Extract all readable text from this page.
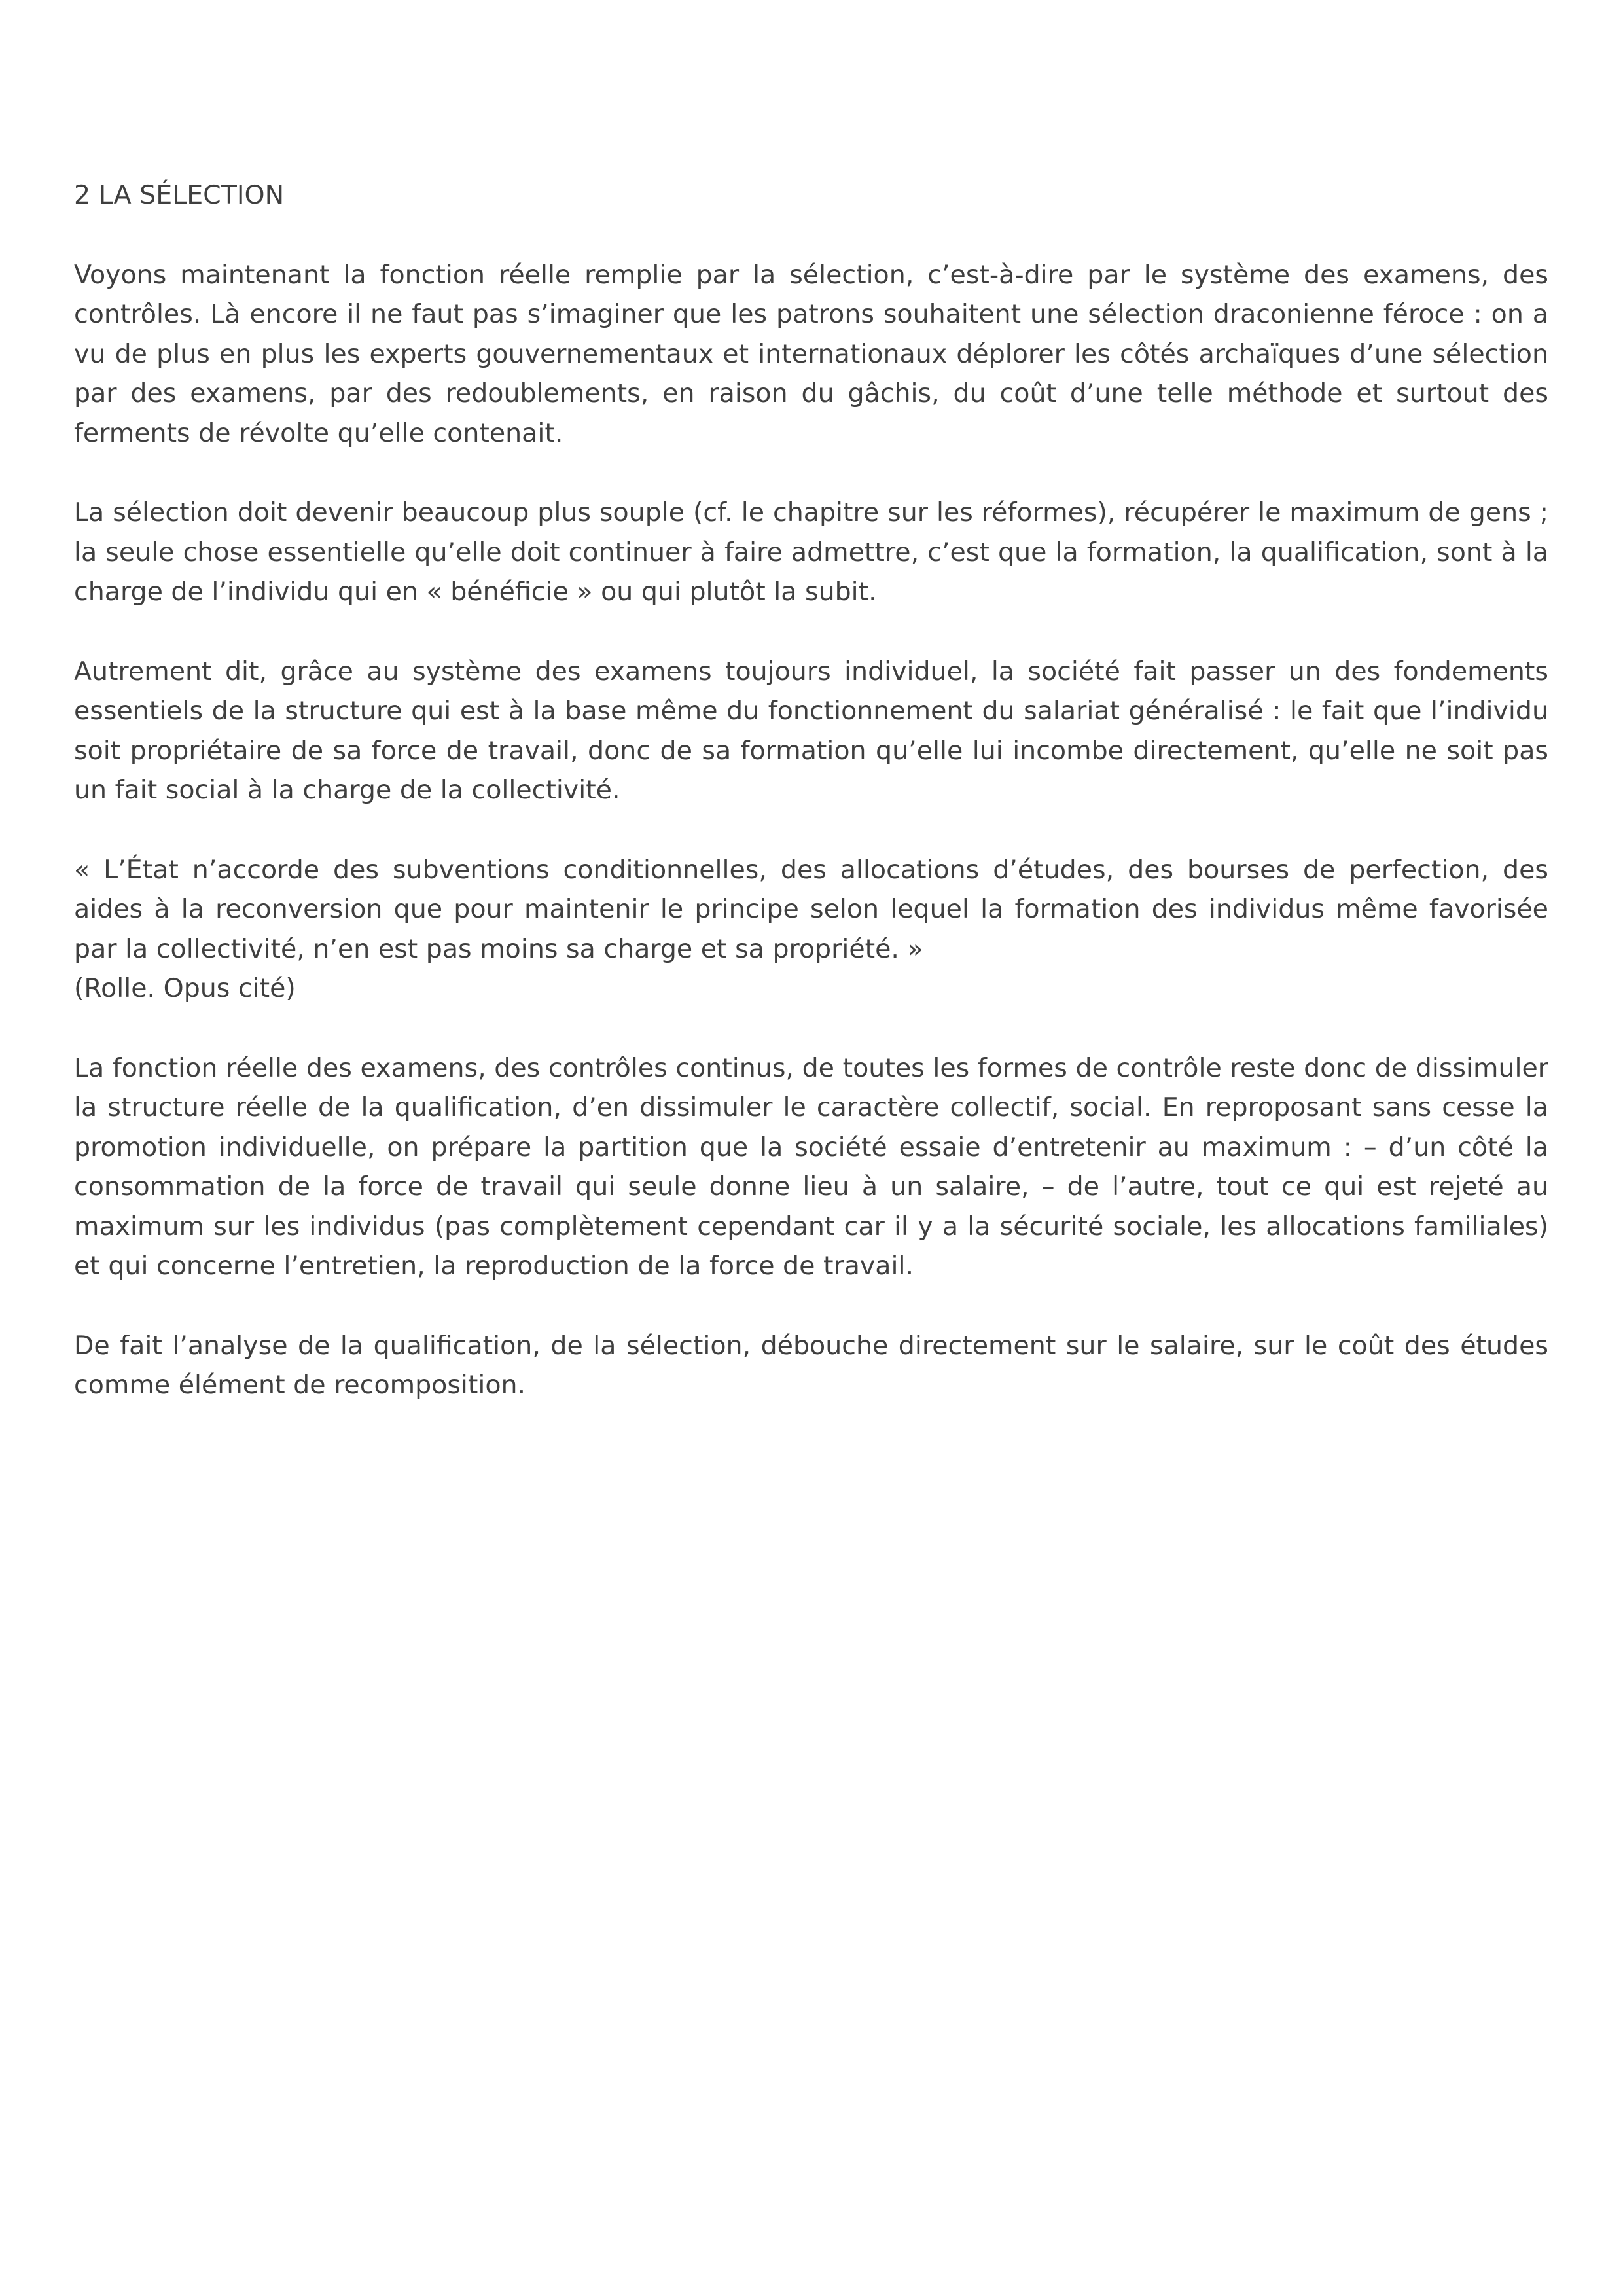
2 LA SÉLECTION

Voyons maintenant la fonction réelle remplie par la sélection, c’est-à-dire par le système des examens, des contrôles. Là encore il ne faut pas s’imaginer que les patrons souhaitent une sélection draconienne féroce : on a vu de plus en plus les experts gouvernementaux et internationaux déplorer les côtés archaïques d’une sélection par des examens, par des redoublements, en raison du gâchis, du coût d’une telle méthode et surtout des ferments de révolte qu’elle contenait.

La sélection doit devenir beaucoup plus souple (cf. le chapitre sur les réformes), récupérer le maximum de gens ; la seule chose essentielle qu’elle doit continuer à faire admettre, c’est que la formation, la qualification, sont à la charge de l’individu qui en « bénéficie » ou qui plutôt la subit.

Autrement dit, grâce au système des examens toujours individuel, la société fait passer un des fondements essentiels de la structure qui est à la base même du fonctionnement du salariat généralisé : le fait que l’individu soit propriétaire de sa force de travail, donc de sa formation qu’elle lui incombe directement, qu’elle ne soit pas un fait social à la charge de la collectivité.

« L’État n’accorde des subventions conditionnelles, des allocations d’études, des bourses de perfection, des aides à la reconversion que pour maintenir le principe selon lequel la formation des individus même favorisée par la collectivité, n’en est pas moins sa charge et sa propriété. »

(Rolle. Opus cité)

La fonction réelle des examens, des contrôles continus, de toutes les formes de contrôle reste donc de dissimuler la structure réelle de la qualification, d’en dissimuler le caractère collectif, social. En reproposant sans cesse la promotion individuelle, on prépare la partition que la société essaie d’entretenir au maximum : – d’un côté la consommation de la force de travail qui seule donne lieu à un salaire, – de l’autre, tout ce qui est rejeté au maximum sur les individus (pas complètement cependant car il y a la sécurité sociale, les allocations familiales) et qui concerne l’entretien, la reproduction de la force de travail.

De fait l’analyse de la qualification, de la sélection, débouche directement sur le salaire, sur le coût des études comme élément de recomposition.
